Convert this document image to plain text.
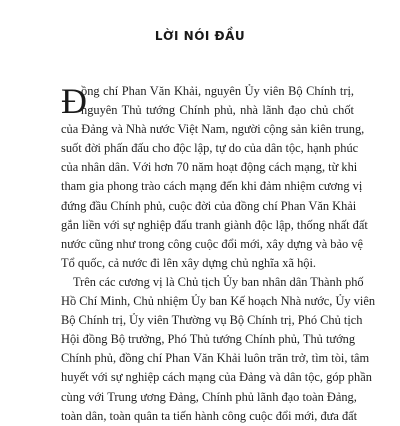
LỜI NÓI ĐẦU
Đ
ồng chí Phan Văn Khải, nguyên Ủy viên Bộ Chính trị,
nguyên Thủ tướng Chính phủ, nhà lãnh đạo chủ chốt
của Đảng và Nhà nước Việt Nam, người cộng sản kiên trung,
suốt đời phấn đấu cho độc lập, tự do của dân tộc, hạnh phúc
của nhân dân. Với hơn 70 năm hoạt động cách mạng, từ khi
tham gia phong trào cách mạng đến khi đảm nhiệm cương vị
đứng đầu Chính phủ, cuộc đời của đồng chí Phan Văn Khải
gắn liền với sự nghiệp đấu tranh giành độc lập, thống nhất đất
nước cũng như trong công cuộc đổi mới, xây dựng và bảo vệ
Tổ quốc, cả nước đi lên xây dựng chủ nghĩa xã hội.
Trên các cương vị là Chủ tịch Ủy ban nhân dân Thành phố
Hồ Chí Minh, Chủ nhiệm Ủy ban Kế hoạch Nhà nước, Ủy viên
Bộ Chính trị, Ủy viên Thường vụ Bộ Chính trị, Phó Chủ tịch
Hội đồng Bộ trưởng, Phó Thủ tướng Chính phủ, Thủ tướng
Chính phủ, đồng chí Phan Văn Khải luôn trăn trở, tìm tòi, tâm
huyết với sự nghiệp cách mạng của Đảng và dân tộc, góp phần
cùng với Trung ương Đảng, Chính phủ lãnh đạo toàn Đảng,
toàn dân, toàn quân ta tiến hành công cuộc đổi mới, đưa đất
